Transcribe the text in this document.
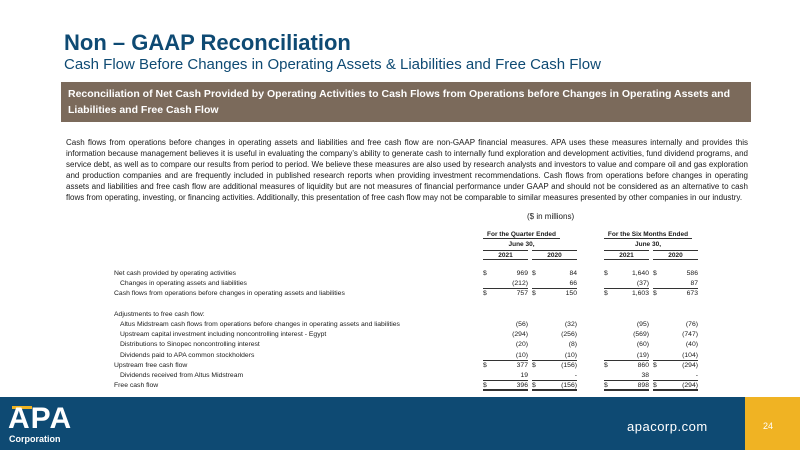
Non – GAAP Reconciliation
Cash Flow Before Changes in Operating Assets & Liabilities and Free Cash Flow
Reconciliation of Net Cash Provided by Operating Activities to Cash Flows from Operations before Changes in Operating Assets and Liabilities and Free Cash Flow
Cash flows from operations before changes in operating assets and liabilities and free cash flow are non-GAAP financial measures. APA uses these measures internally and provides this information because management believes it is useful in evaluating the company’s ability to generate cash to internally fund exploration and development activities, fund dividend programs, and service debt, as well as to compare our results from period to period. We believe these measures are also used by research analysts and investors to value and compare oil and gas exploration and production companies and are frequently included in published research reports when providing investment recommendations. Cash flows from operations before changes in operating assets and liabilities and free cash flow are additional measures of liquidity but are not measures of financial performance under GAAP and should not be considered as an alternative to cash flows from operating, investing, or financing activities. Additionally, this presentation of free cash flow may not be comparable to similar measures presented by other companies in our industry.
($ in millions)
For the Quarter Ended
June 30,
For the Six Months Ended
June 30,
2021	2020	2021	2020
Net cash provided by operating activities	$	969 $	84	$	1,640 $	586
Changes in operating assets and liabilities	(212)	66	(37)	87
Cash flows from operations before changes in operating assets and liabilities	$	757 $	150	$	1,603 $	673
Adjustments to free cash flow:
Altus Midstream cash flows from operations before changes in operating assets and liabilities	(56)	(32)	(95)	(76)
Upstream capital investment including noncontrolling interest - Egypt	(294)	(256)	(569)	(747)
Distributions to Sinopec noncontrolling interest	(20)	(8)	(60)	(40)
Dividends paid to APA common stockholders	(10)	(10)	(19)	(104)
Upstream free cash flow	$	377 $	(156)	$	860 $	(294)
Dividends received from Altus Midstream	19	-	38	-
Free cash flow	$	396 $	(156)	$	898 $	(294)
APA
Corporation
apacorp.com	24
